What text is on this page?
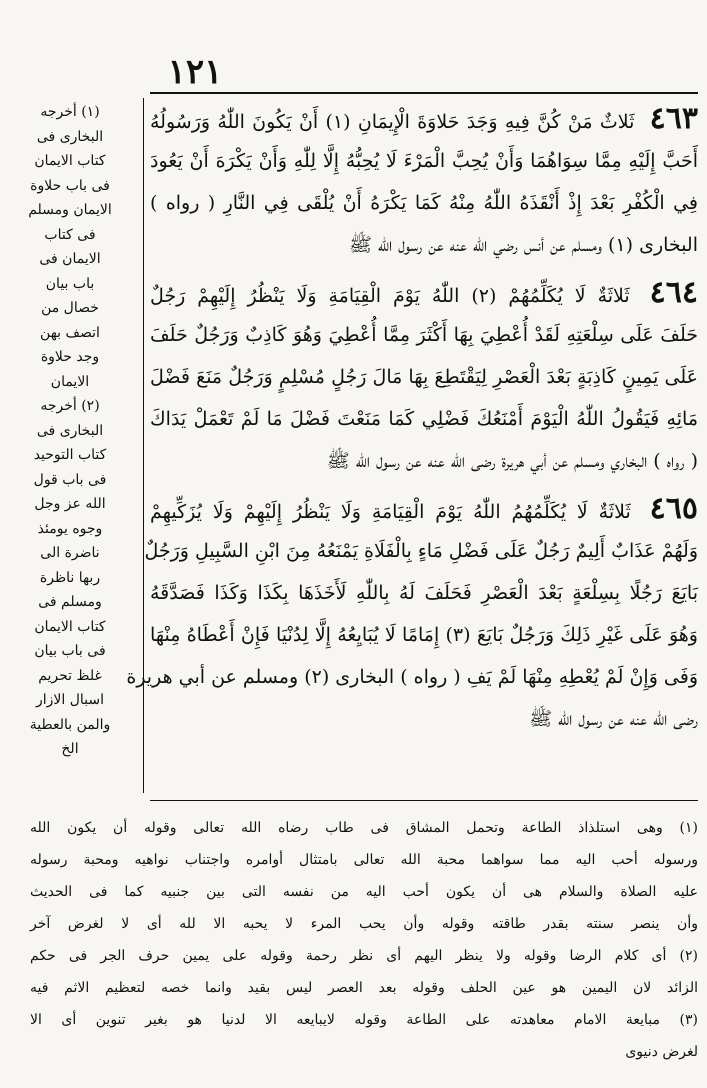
١٢١
٤٦٣ ثَلاثٌ مَنْ كُنَّ فِيهِ وَجَدَ حَلاوَةَ الْإِيمَانِ (١) أَنْ يَكُونَ اللّٰهُ وَرَسُولُهُ
أَحَبَّ إِلَيْهِ مِمَّا سِوَاهُمَا وَأَنْ يُحِبَّ الْمَرْءَ لَا يُحِبُّهُ إِلَّا لِلّٰهِ وَأَنْ يَكْرَهَ أَنْ يَعُودَ
فِي الْكُفْرِ بَعْدَ إِذْ أَنْقَذَهُ اللّٰهُ مِنْهُ كَمَا يَكْرَهُ أَنْ يُلْقَى فِي النَّارِ ( رواه )
البخارى (١) ومسلم عن أنس رضي الله عنه عن رسول الله ﷺ
٤٦٤ ثَلاثَةٌ لَا يُكَلِّمُهُمْ (٢) اللّٰهُ يَوْمَ الْقِيَامَةِ وَلَا يَنْظُرُ إِلَيْهِمْ رَجُلٌ
حَلَفَ عَلَى سِلْعَتِهِ لَقَدْ أُعْطِيَ بِهَا أَكْثَرَ مِمَّا أُعْطِيَ وَهُوَ كَاذِبٌ وَرَجُلٌ حَلَفَ
عَلَى يَمِينٍ كَاذِبَةٍ بَعْدَ الْعَصْرِ لِيَقْتَطِعَ بِهَا مَالَ رَجُلٍ مُسْلِمٍ وَرَجُلٌ مَنَعَ فَضْلَ
مَائِهِ فَيَقُولُ اللّٰهُ الْيَوْمَ أَمْنَعُكَ فَضْلِي كَمَا مَنَعْتَ فَضْلَ مَا لَمْ تَعْمَلْ يَدَاكَ
( رواه ) البخاري ومسلم عن أبي هريرة رضى الله عنه عن رسول الله ﷺ
٤٦٥ ثَلاثَةٌ لَا يُكَلِّمُهُمُ اللّٰهُ يَوْمَ الْقِيَامَةِ وَلَا يَنْظُرُ إِلَيْهِمْ وَلَا يُزَكِّيهِمْ
وَلَهُمْ عَذَابٌ أَلِيمٌ رَجُلٌ عَلَى فَضْلِ مَاءٍ بِالْفَلَاةِ يَمْنَعُهُ مِنَ ابْنِ السَّبِيلِ وَرَجُلٌ
بَايَعَ رَجُلًا بِسِلْعَةٍ بَعْدَ الْعَصْرِ فَحَلَفَ لَهُ بِاللّٰهِ لَأَخَذَهَا بِكَذَا وَكَذَا فَصَدَّقَهُ
وَهُوَ عَلَى غَيْرِ ذَلِكَ وَرَجُلٌ بَايَعَ (٣) إِمَامًا لَا يُبَايِعُهُ إِلَّا لِدُنْيَا فَإِنْ أَعْطَاهُ مِنْهَا
وَفَى وَإِنْ لَمْ يُعْطِهِ مِنْهَا لَمْ يَفِ ( رواه ) البخارى (٢) ومسلم عن أبي هريرة
رضى الله عنه عن رسول الله ﷺ
(١) أخرجه
البخارى فى
كتاب الايمان
فى باب حلاوة
الايمان ومسلم
فى كتاب
الايمان فى
باب بيان
خصال من
اتصف بهن
وجد حلاوة
الايمان
(٢) أخرجه
البخارى فى
كتاب التوحيد
فى باب قول
الله عز وجل
وجوه يومئذ
ناضرة الى
ربها ناظرة
ومسلم فى
كتاب الايمان
فى باب بيان
غلظ تحريم
اسبال الازار
والمن بالعطية
الخ
(١) وهى استلذاذ الطاعة وتحمل المشاق فى طاب رضاه الله تعالى وقوله أن يكون الله
ورسوله أحب اليه مما سواهما محبة الله تعالى بامتثال أوامره واجتناب نواهيه ومحبة رسوله
عليه الصلاة والسلام هى أن يكون أحب اليه من نفسه التى بين جنبيه كما فى الحديث
وأن ينصر سنته بقدر طاقته وقوله وأن يحب المرء لا يحبه الا لله أى لا لغرض آخر
(٢) أى كلام الرضا وقوله ولا ينظر اليهم أى نظر رحمة وقوله على يمين حرف الجر فى حكم
الزائد لان اليمين هو عين الحلف وقوله بعد العصر ليس بقيد وانما خصه لتعظيم الاثم فيه
(٣) مبايعة الامام معاهدته على الطاعة وقوله لايبايعه الا لدنيا هو بغير تنوين أى الا
لغرض دنيوى
